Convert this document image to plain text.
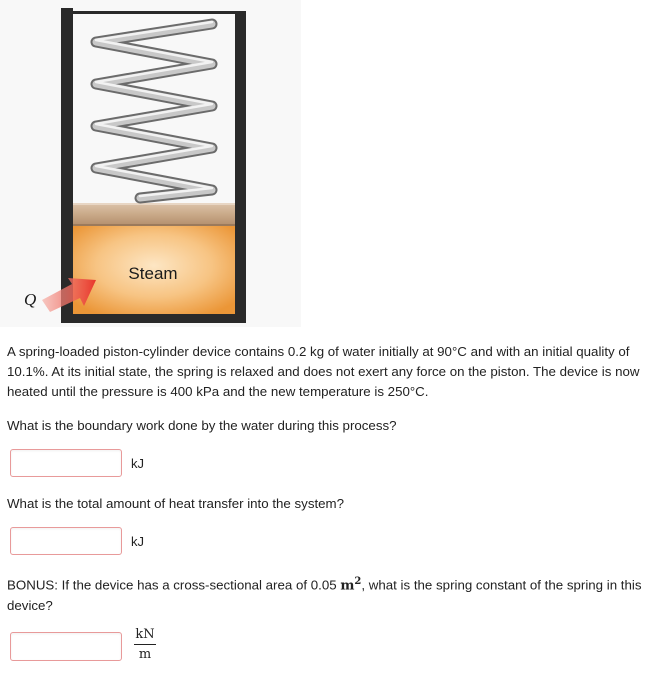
Steam
Q

A spring-loaded piston-cylinder device contains 0.2 kg of water initially at 90°C and with an initial quality of 10.1%. At its initial state, the spring is relaxed and does not exert any force on the piston. The device is now heated until the pressure is 400 kPa and the new temperature is 250°C.

What is the boundary work done by the water during this process?

kJ

What is the total amount of heat transfer into the system?

kJ

BONUS: If the device has a cross-sectional area of 0.05 $m^2$, what is the spring constant of the spring in this device?

kN
m
